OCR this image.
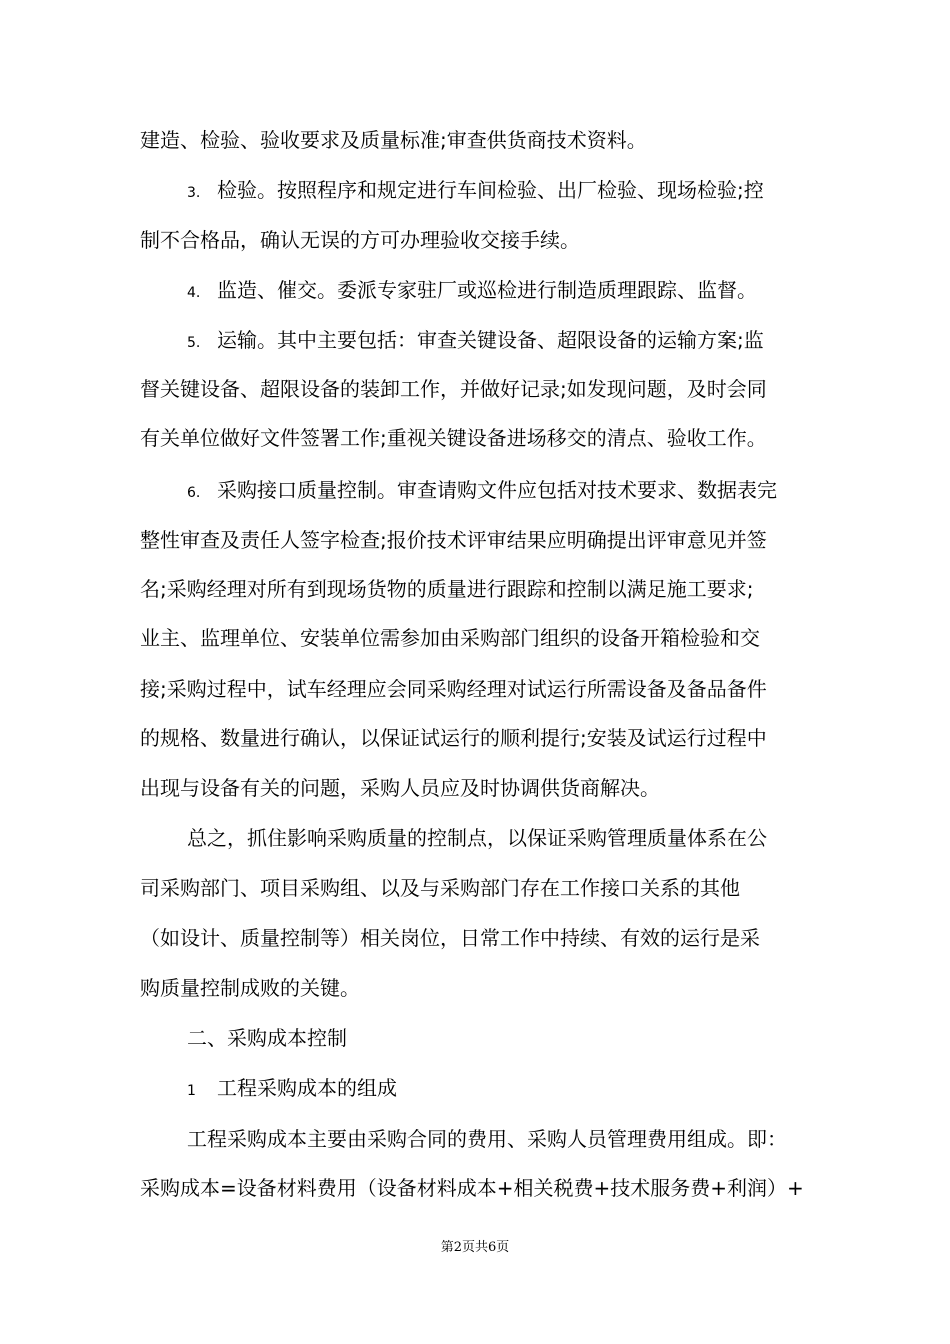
建造、检验、验收要求及质量标准;审查供货商技术资料。
3. 检验。按照程序和规定进行车间检验、出厂检验、现场检验;控
制不合格品，确认无误的方可办理验收交接手续。
4. 监造、催交。委派专家驻厂或巡检进行制造质理跟踪、监督。
5. 运输。其中主要包括：审查关键设备、超限设备的运输方案;监
督关键设备、超限设备的装卸工作，并做好记录;如发现问题，及时会同
有关单位做好文件签署工作;重视关键设备进场移交的清点、验收工作。
6. 采购接口质量控制。审查请购文件应包括对技术要求、数据表完
整性审查及责任人签字检查;报价技术评审结果应明确提出评审意见并签
名;采购经理对所有到现场货物的质量进行跟踪和控制以满足施工要求;
业主、监理单位、安装单位需参加由采购部门组织的设备开箱检验和交
接;采购过程中，试车经理应会同采购经理对试运行所需设备及备品备件
的规格、数量进行确认，以保证试运行的顺利提行;安装及试运行过程中
出现与设备有关的问题，采购人员应及时协调供货商解决。
总之，抓住影响采购质量的控制点，以保证采购管理质量体系在公
司采购部门、项目采购组、以及与采购部门存在工作接口关系的其他
（如设计、质量控制等）相关岗位，日常工作中持续、有效的运行是采
购质量控制成败的关键。
二、采购成本控制
1 工程采购成本的组成
工程采购成本主要由采购合同的费用、采购人员管理费用组成。即：
采购成本=设备材料费用（设备材料成本+相关税费+技术服务费+利润）+
第2页共6页
